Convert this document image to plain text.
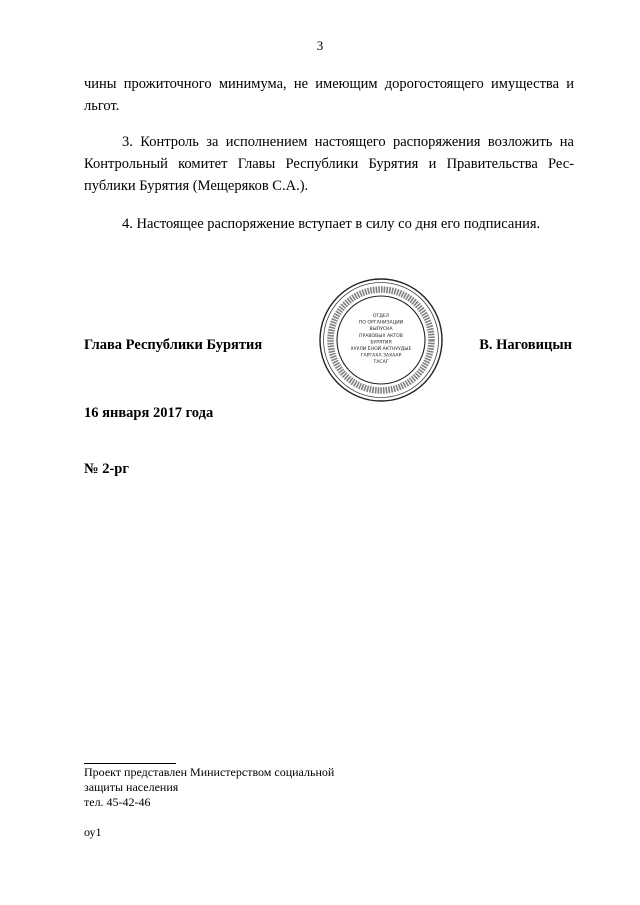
3
чины прожиточного минимума, не имеющим дорогостоящего имущества и
льгот.
3. Контроль за исполнением настоящего распоряжения возложить на
Контрольный комитет Главы Республики Бурятия и Правительства Рес-
публики Бурятия (Мещеряков С.А.).
4. Настоящее распоряжение вступает в силу со дня его подписания.
ОТДЕЛ
ПО ОРГАНИЗАЦИИ
ВЫПУСКА
ПРАВОВЫХ АКТОВ
БУРЯТИЯ
ХУУЛИ ЁНОЙ АКТНУУДЫЕ
ГАРГАХА ЗАХААР
ТАСАГ
Глава Республики Бурятия	В. Наговицын
16 января 2017 года
№ 2-рг
Проект представлен Министерством социальной
защиты населения
тел. 45-42-46
оу1
